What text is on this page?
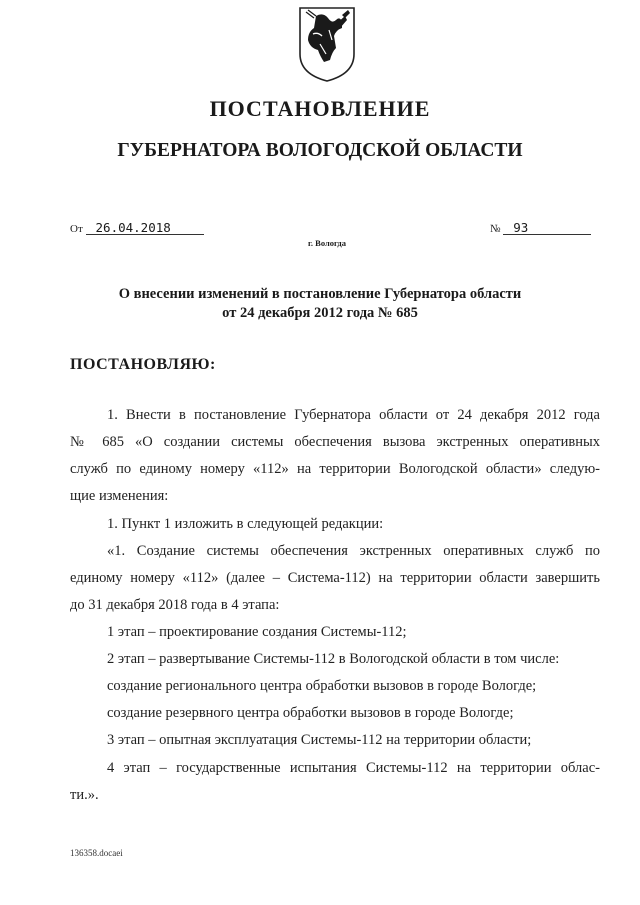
ПОСТАНОВЛЕНИЕ
ГУБЕРНАТОРА ВОЛОГОДСКОЙ ОБЛАСТИ
От 26.04.2018	№ 93
г. Вологда
О внесении изменений в постановление Губернатора области
от 24 декабря 2012 года № 685
ПОСТАНОВЛЯЮ:
1. Внести в постановление Губернатора области от 24 декабря 2012 года
№ 685 «О создании системы обеспечения вызова экстренных оперативных
служб по единому номеру «112» на территории Вологодской области» следую-
щие изменения:
1. Пункт 1 изложить в следующей редакции:
«1. Создание системы обеспечения экстренных оперативных служб по
единому номеру «112» (далее – Система-112) на территории области завершить
до 31 декабря 2018 года в 4 этапа:
1 этап – проектирование создания Системы-112;
2 этап – развертывание Системы-112 в Вологодской области в том числе:
создание регионального центра обработки вызовов в городе Вологде;
создание резервного центра обработки вызовов в городе Вологде;
3 этап – опытная эксплуатация Системы-112 на территории области;
4 этап – государственные испытания Системы-112 на территории облас-
ти.».
136358.docaei
